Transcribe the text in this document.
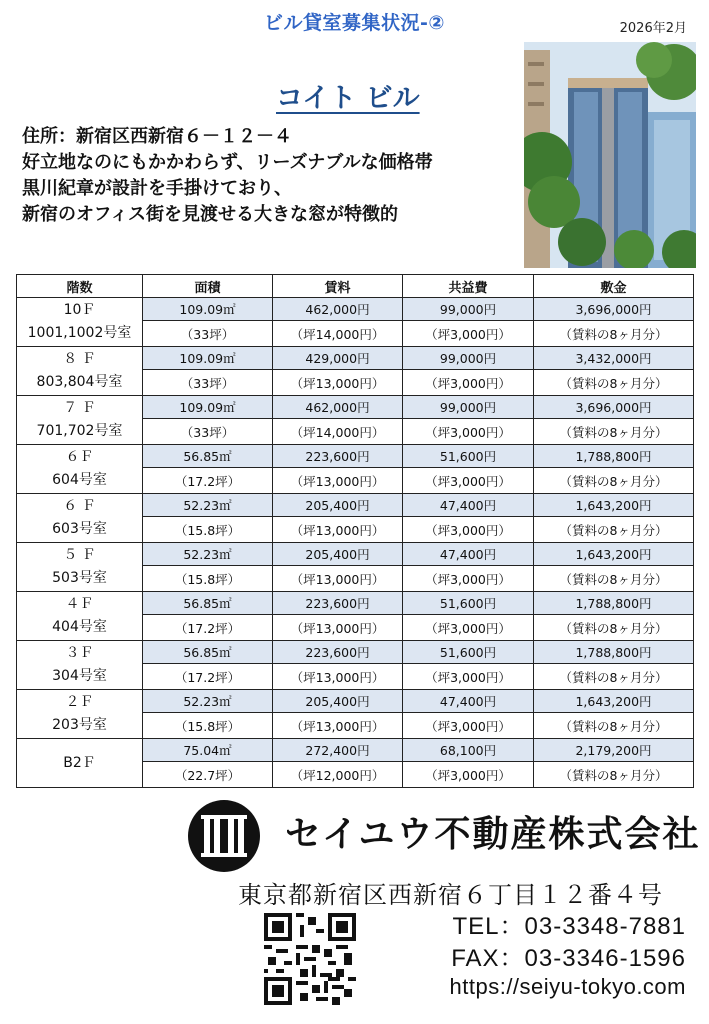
ビル貸室募集状況-②	2026年2月
コイト ビル
住所：新宿区西新宿６－１２－４
好立地なのにもかかわらず、リーズナブルな価格帯
黒川紀章が設計を手掛けており、
新宿のオフィス街を見渡せる大きな窓が特徴的
階数	面積	賃料	共益費	敷金

10Ｆ
1001,1002号室	109.09㎡	462,000円	99,000円	3,696,000円
	（33坪）	（坪14,000円）	（坪3,000円）	（賃料の8ヶ月分）

８ Ｆ
803,804号室	109.09㎡	429,000円	99,000円	3,432,000円
	（33坪）	（坪13,000円）	（坪3,000円）	（賃料の8ヶ月分）

７ Ｆ
701,702号室	109.09㎡	462,000円	99,000円	3,696,000円
	（33坪）	（坪14,000円）	（坪3,000円）	（賃料の8ヶ月分）

６Ｆ
604号室	56.85㎡	223,600円	51,600円	1,788,800円
	（17.2坪）	（坪13,000円）	（坪3,000円）	（賃料の8ヶ月分）

６ Ｆ
603号室	52.23㎡	205,400円	47,400円	1,643,200円
	（15.8坪）	（坪13,000円）	（坪3,000円）	（賃料の8ヶ月分）

５ Ｆ
503号室	52.23㎡	205,400円	47,400円	1,643,200円
	（15.8坪）	（坪13,000円）	（坪3,000円）	（賃料の8ヶ月分）

４Ｆ
404号室	56.85㎡	223,600円	51,600円	1,788,800円
	（17.2坪）	（坪13,000円）	（坪3,000円）	（賃料の8ヶ月分）

３Ｆ
304号室	56.85㎡	223,600円	51,600円	1,788,800円
	（17.2坪）	（坪13,000円）	（坪3,000円）	（賃料の8ヶ月分）

２Ｆ
203号室	52.23㎡	205,400円	47,400円	1,643,200円
	（15.8坪）	（坪13,000円）	（坪3,000円）	（賃料の8ヶ月分）

B2Ｆ	75.04㎡	272,400円	68,100円	2,179,200円
	（22.7坪）	（坪12,000円）	（坪3,000円）	（賃料の8ヶ月分）
セイユウ不動産株式会社
東京都新宿区西新宿６丁目１２番４号
TEL：03-3348-7881
FAX：03-3346-1596
https://seiyu-tokyo.com
